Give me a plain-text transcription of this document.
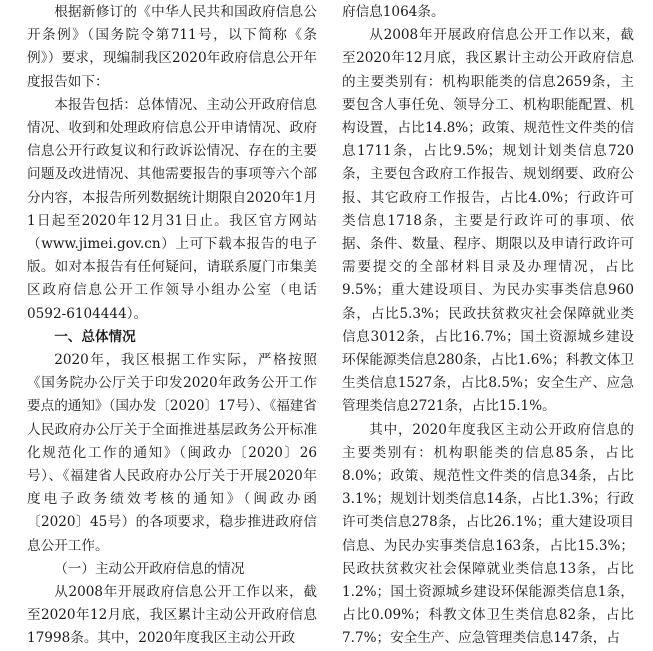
根据新修订的《中华人民共和国政府信息公开条例》（国务院令第711号，以下简称《条例》）要求，现编制我区2020年政府信息公开年度报告如下：

本报告包括：总体情况、主动公开政府信息情况、收到和处理政府信息公开申请情况、政府信息公开行政复议和行政诉讼情况、存在的主要问题及改进情况、其他需要报告的事项等六个部分内容，本报告所列数据统计期限自2020年1月1日起至2020年12月31日止。我区官方网站（www.jimei.gov.cn）上可下载本报告的电子版。如对本报告有任何疑问，请联系厦门市集美区政府信息公开工作领导小组办公室（电话0592-6104444）。

一、总体情况

2020年，我区根据工作实际，严格按照《国务院办公厅关于印发2020年政务公开工作要点的通知》（国办发〔2020〕17号）、《福建省人民政府办公厅关于全面推进基层政务公开标准化规范化工作的通知》（闽政办〔2020〕26号）、《福建省人民政府办公厅关于开展2020年度电子政务绩效考核的通知》（闽政办函〔2020〕45号）的各项要求，稳步推进政府信息公开工作。

（一）主动公开政府信息的情况

从2008年开展政府信息公开工作以来，截至2020年12月底，我区累计主动公开政府信息17998条。其中，2020年度我区主动公开政

府信息1064条。

从2008年开展政府信息公开工作以来，截至2020年12月底，我区累计主动公开政府信息的主要类别有：机构职能类的信息2659条，主要包含人事任免、领导分工、机构职能配置、机构设置，占比14.8%；政策、规范性文件类的信息1711条，占比9.5%；规划计划类信息720条，主要包含政府工作报告、规划纲要、政府公报、其它政府工作报告，占比4.0%；行政许可类信息1718条，主要是行政许可的事项、依据、条件、数量、程序、期限以及申请行政许可需要提交的全部材料目录及办理情况，占比9.5%；重大建设项目、为民办实事类信息960条，占比5.3%；民政扶贫救灾社会保障就业类信息3012条，占比16.7%；国土资源城乡建设环保能源类信息280条，占比1.6%；科教文体卫生类信息1527条，占比8.5%；安全生产、应急管理类信息2721条，占比15.1%。

其中，2020年度我区主动公开政府信息的主要类别有：机构职能类的信息85条，占比8.0%；政策、规范性文件类的信息34条，占比3.1%；规划计划类信息14条，占比1.3%；行政许可类信息278条，占比26.1%；重大建设项目信息、为民办实事类信息163条，占比15.3%；民政扶贫救灾社会保障就业类信息13条，占比1.2%；国土资源城乡建设环保能源类信息1条，占比0.09%；科教文体卫生类信息82条，占比7.7%；安全生产、应急管理类信息147条，占
